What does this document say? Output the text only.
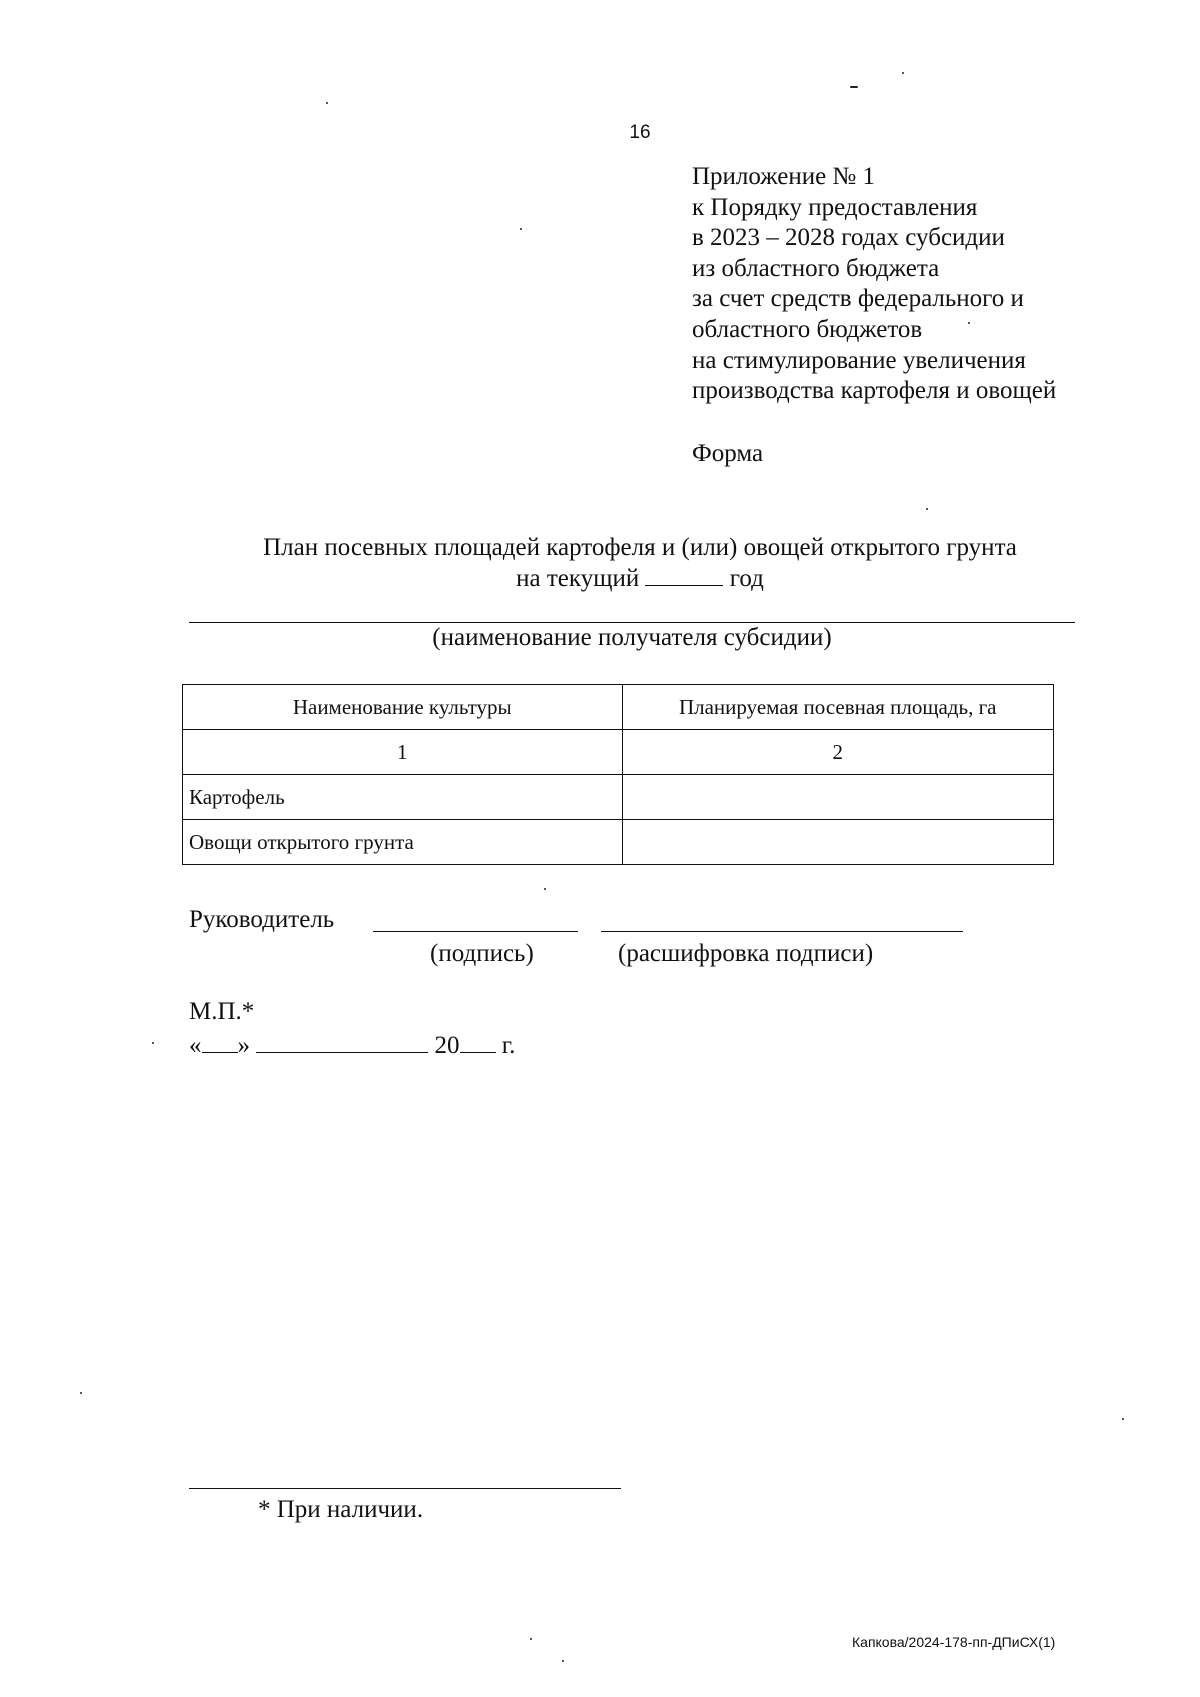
16
Приложение № 1
к Порядку предоставления
в 2023 – 2028 годах субсидии
из областного бюджета
за счет средств федерального и
областного бюджетов
на стимулирование увеличения
производства картофеля и овощей
Форма
План посевных площадей картофеля и (или) овощей открытого грунта
на текущий	год
(наименование получателя субсидии)
Наименование культуры	Планируемая посевная площадь, га
1	2
Картофель	
Овощи открытого грунта	
Руководитель
(подпись)	(расшифровка подписи)
М.П.*
« »	20 г.
* При наличии.
Капкова/2024-178-пп-ДПиСХ(1)
